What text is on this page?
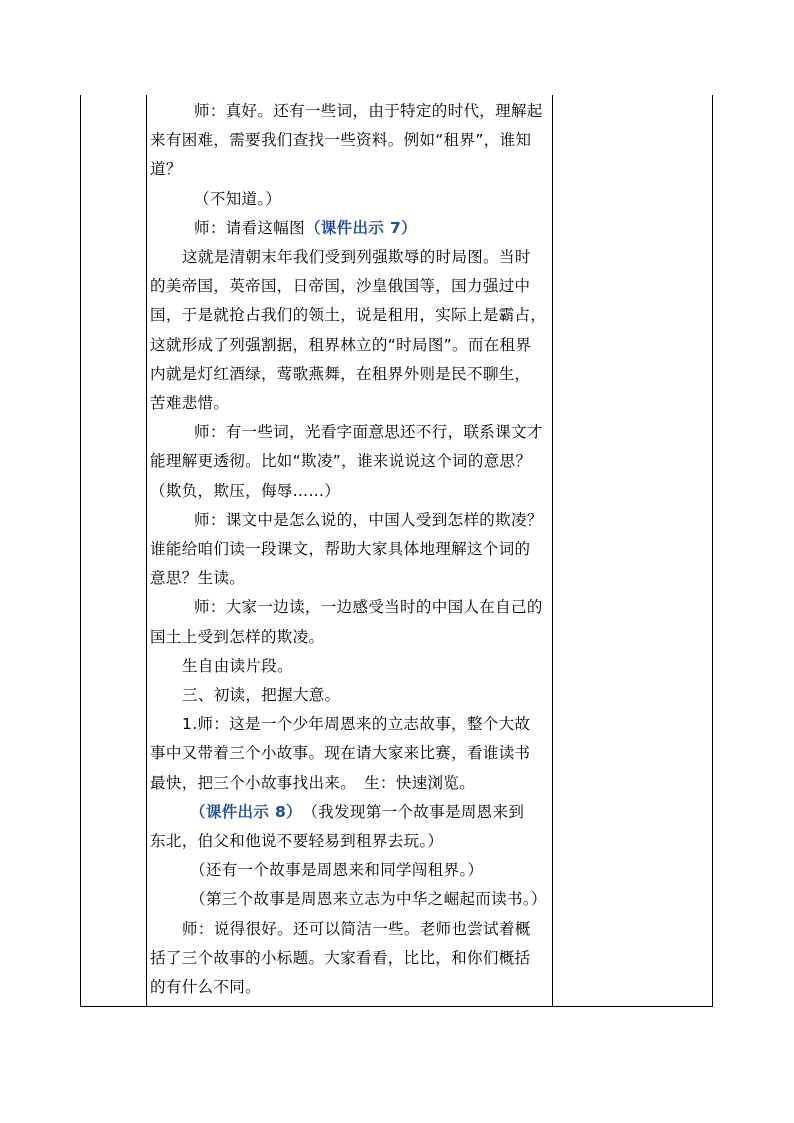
师：真好。还有一些词，由于特定的时代，理解起
来有困难，需要我们查找一些资料。例如“租界”，谁知
道？
（不知道。）
师：请看这幅图（课件出示 7）
这就是清朝末年我们受到列强欺辱的时局图。当时
的美帝国，英帝国，日帝国，沙皇俄国等，国力强过中
国，于是就抢占我们的领土，说是租用，实际上是霸占，
这就形成了列强割据，租界林立的“时局图”。而在租界
内就是灯红酒绿，莺歌燕舞，在租界外则是民不聊生，
苦难悲惜。
师：有一些词，光看字面意思还不行，联系课文才
能理解更透彻。比如“欺凌”，谁来说说这个词的意思？
（欺负，欺压，侮辱……）
师：课文中是怎么说的，中国人受到怎样的欺凌？
谁能给咱们读一段课文，帮助大家具体地理解这个词的
意思？生读。
师：大家一边读，一边感受当时的中国人在自己的
国土上受到怎样的欺凌。
生自由读片段。
三、初读，把握大意。
1.师：这是一个少年周恩来的立志故事，整个大故
事中又带着三个小故事。现在请大家来比赛，看谁读书
最快，把三个小故事找出来。　生：快速浏览。
（课件出示 8）　（我发现第一个故事是周恩来到
东北，伯父和他说不要轻易到租界去玩。）
（还有一个故事是周恩来和同学闯租界。）
（第三个故事是周恩来立志为中华之崛起而读书。）
师：说得很好。还可以简洁一些。老师也尝试着概
括了三个故事的小标题。大家看看，比比，和你们概括
的有什么不同。
